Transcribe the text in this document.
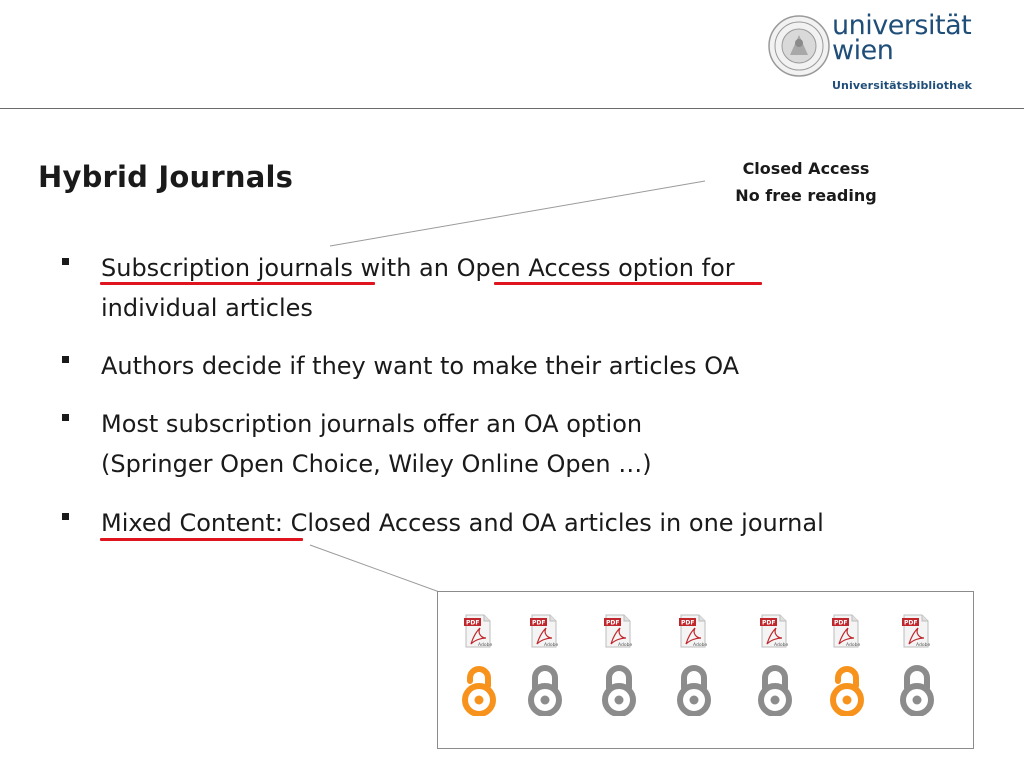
universität
wien
Universitätsbibliothek
Hybrid Journals	Closed Access
No free reading
Subscription journals with an Open Access option for
individual articles
Authors decide if they want to make their articles OA
Most subscription journals offer an OA option
(Springer Open Choice, Wiley Online Open …)
Mixed Content: Closed Access and OA articles in one journal
PDF
Adobe
PDF
Adobe
PDF
Adobe
PDF
Adobe
PDF
Adobe
PDF
Adobe
PDF
Adobe
